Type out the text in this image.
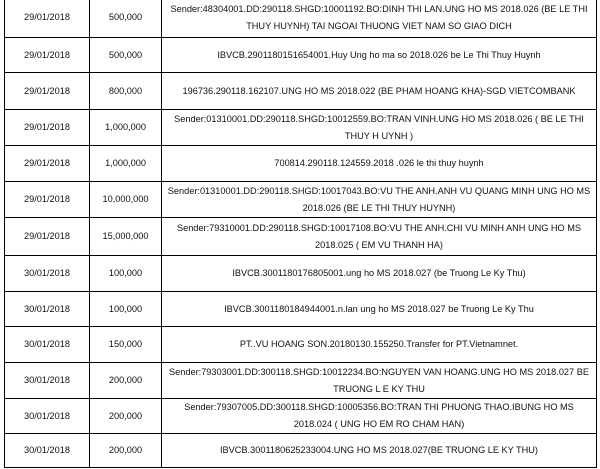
29/01/2018	500,000	Sender:48304001.DD:290118.SHGD:10001192.BO:DINH THI LAN.UNG HO MS 2018.026 (BE LE THI THUY HUYNH) TAI NGOAI THUONG VIET NAM SO GIAO DICH
29/01/2018	500,000	IBVCB.2901180151654001.Huy Ung ho ma so 2018.026 be Le Thi Thuy Huynh
29/01/2018	800,000	196736.290118.162107.UNG HO MS 2018.022 (BE PHAM HOANG KHA)-SGD VIETCOMBANK
29/01/2018	1,000,000	Sender:01310001.DD:290118.SHGD:10012559.BO:TRAN VINH.UNG HO MS 2018.026 ( BE LE THI THUY H UYNH )
29/01/2018	1,000,000	700814.290118.124559.2018 .026 le thi thuy huynh
29/01/2018	10,000,000	Sender:01310001.DD:290118.SHGD:10017043.BO:VU THE ANH.ANH VU QUANG MINH UNG HO MS 2018.026 (BE LE THI THUY HUYNH)
29/01/2018	15,000,000	Sender:79310001.DD:290118.SHGD:10017108.BO:VU THE ANH.CHI VU MINH ANH UNG HO MS 2018.025 ( EM VU THANH HA)
30/01/2018	100,000	IBVCB.3001180176805001.ung ho MS 2018.027 (be Truong Le Ky Thu)
30/01/2018	100,000	IBVCB.3001180184944001.n.lan ung ho MS 2018.027 be Truong Le Ky Thu
30/01/2018	150,000	PT..VU HOANG SON.20180130.155250.Transfer for PT.Vietnamnet.
30/01/2018	200,000	Sender:79303001.DD:300118.SHGD:10012234.BO:NGUYEN VAN HOANG.UNG HO MS 2018.027 BE TRUONG L E KY THU
30/01/2018	200,000	Sender:79307005.DD:300118.SHGD:10005356.BO:TRAN THI PHUONG THAO.IBUNG HO MS 2018.024 ( UNG HO EM RO CHAM HAN)
30/01/2018	200,000	IBVCB.3001180625233004.UNG HO MS 2018.027(BE TRUONG LE KY THU)
